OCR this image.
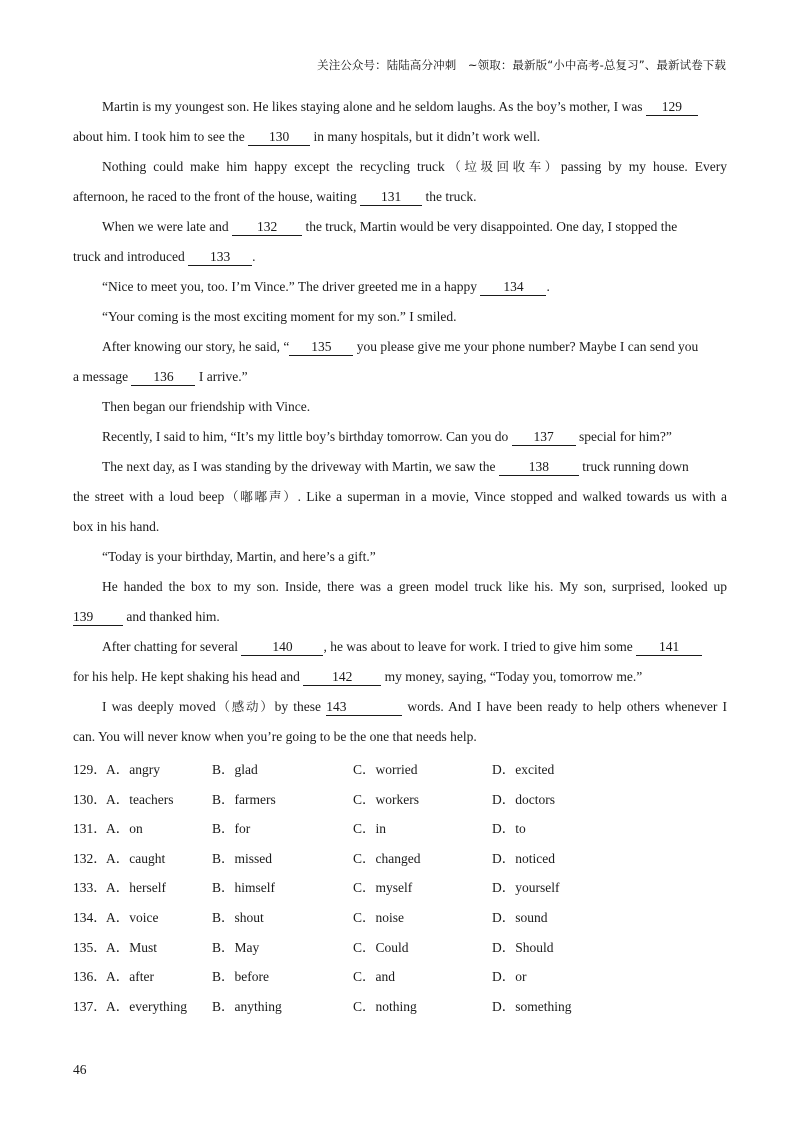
关注公众号：陆陆高分冲刺　~领取：最新版“小中高考-总复习”、最新试卷下载
Martin is my youngest son. He likes staying alone and he seldom laughs. As the boy’s mother, I was 129
about him. I took him to see the 130 in many hospitals, but it didn’t work well.
Nothing could make him happy except the recycling truck（垃圾回收车）passing by my house. Every
afternoon, he raced to the front of the house, waiting 131 the truck.
When we were late and 132 the truck, Martin would be very disappointed. One day, I stopped the
truck and introduced 133 .
“Nice to meet you, too. I’m Vince.” The driver greeted me in a happy 134 .
“Your coming is the most exciting moment for my son.” I smiled.
After knowing our story, he said, “ 135 you please give me your phone number? Maybe I can send you
a message 136 I arrive.”
Then began our friendship with Vince.
Recently, I said to him, “It’s my little boy’s birthday tomorrow. Can you do 137 special for him?”
The next day, as I was standing by the driveway with Martin, we saw the 138 truck running down
the street with a loud beep（嘟嘟声）. Like a superman in a movie, Vince stopped and walked towards us with a
box in his hand.
“Today is your birthday, Martin, and here’s a gift.”
He handed the box to my son. Inside, there was a green model truck like his. My son, surprised, looked up
139 and thanked him.
After chatting for several 140 , he was about to leave for work. I tried to give him some 141
for his help. He kept shaking his head and 142 my money, saying, “Today you, tomorrow me.”
I was deeply moved（感动）by these 143	words. And I have been ready to help others whenever I
can. You will never know when you’re going to be the one that needs help.
129． A．angry	B．glad	C．worried	D．excited
130． A．teachers	B．farmers	C．workers	D．doctors
131． A．on	B．for	C．in	D．to
132． A．caught	B．missed	C．changed	D．noticed
133． A．herself	B．himself	C．myself	D．yourself
134． A．voice	B．shout	C．noise	D．sound
135． A．Must	B．May	C．Could	D．Should
136． A．after	B．before	C．and	D．or
137． A．everything B．anything	C．nothing	D．something
46
